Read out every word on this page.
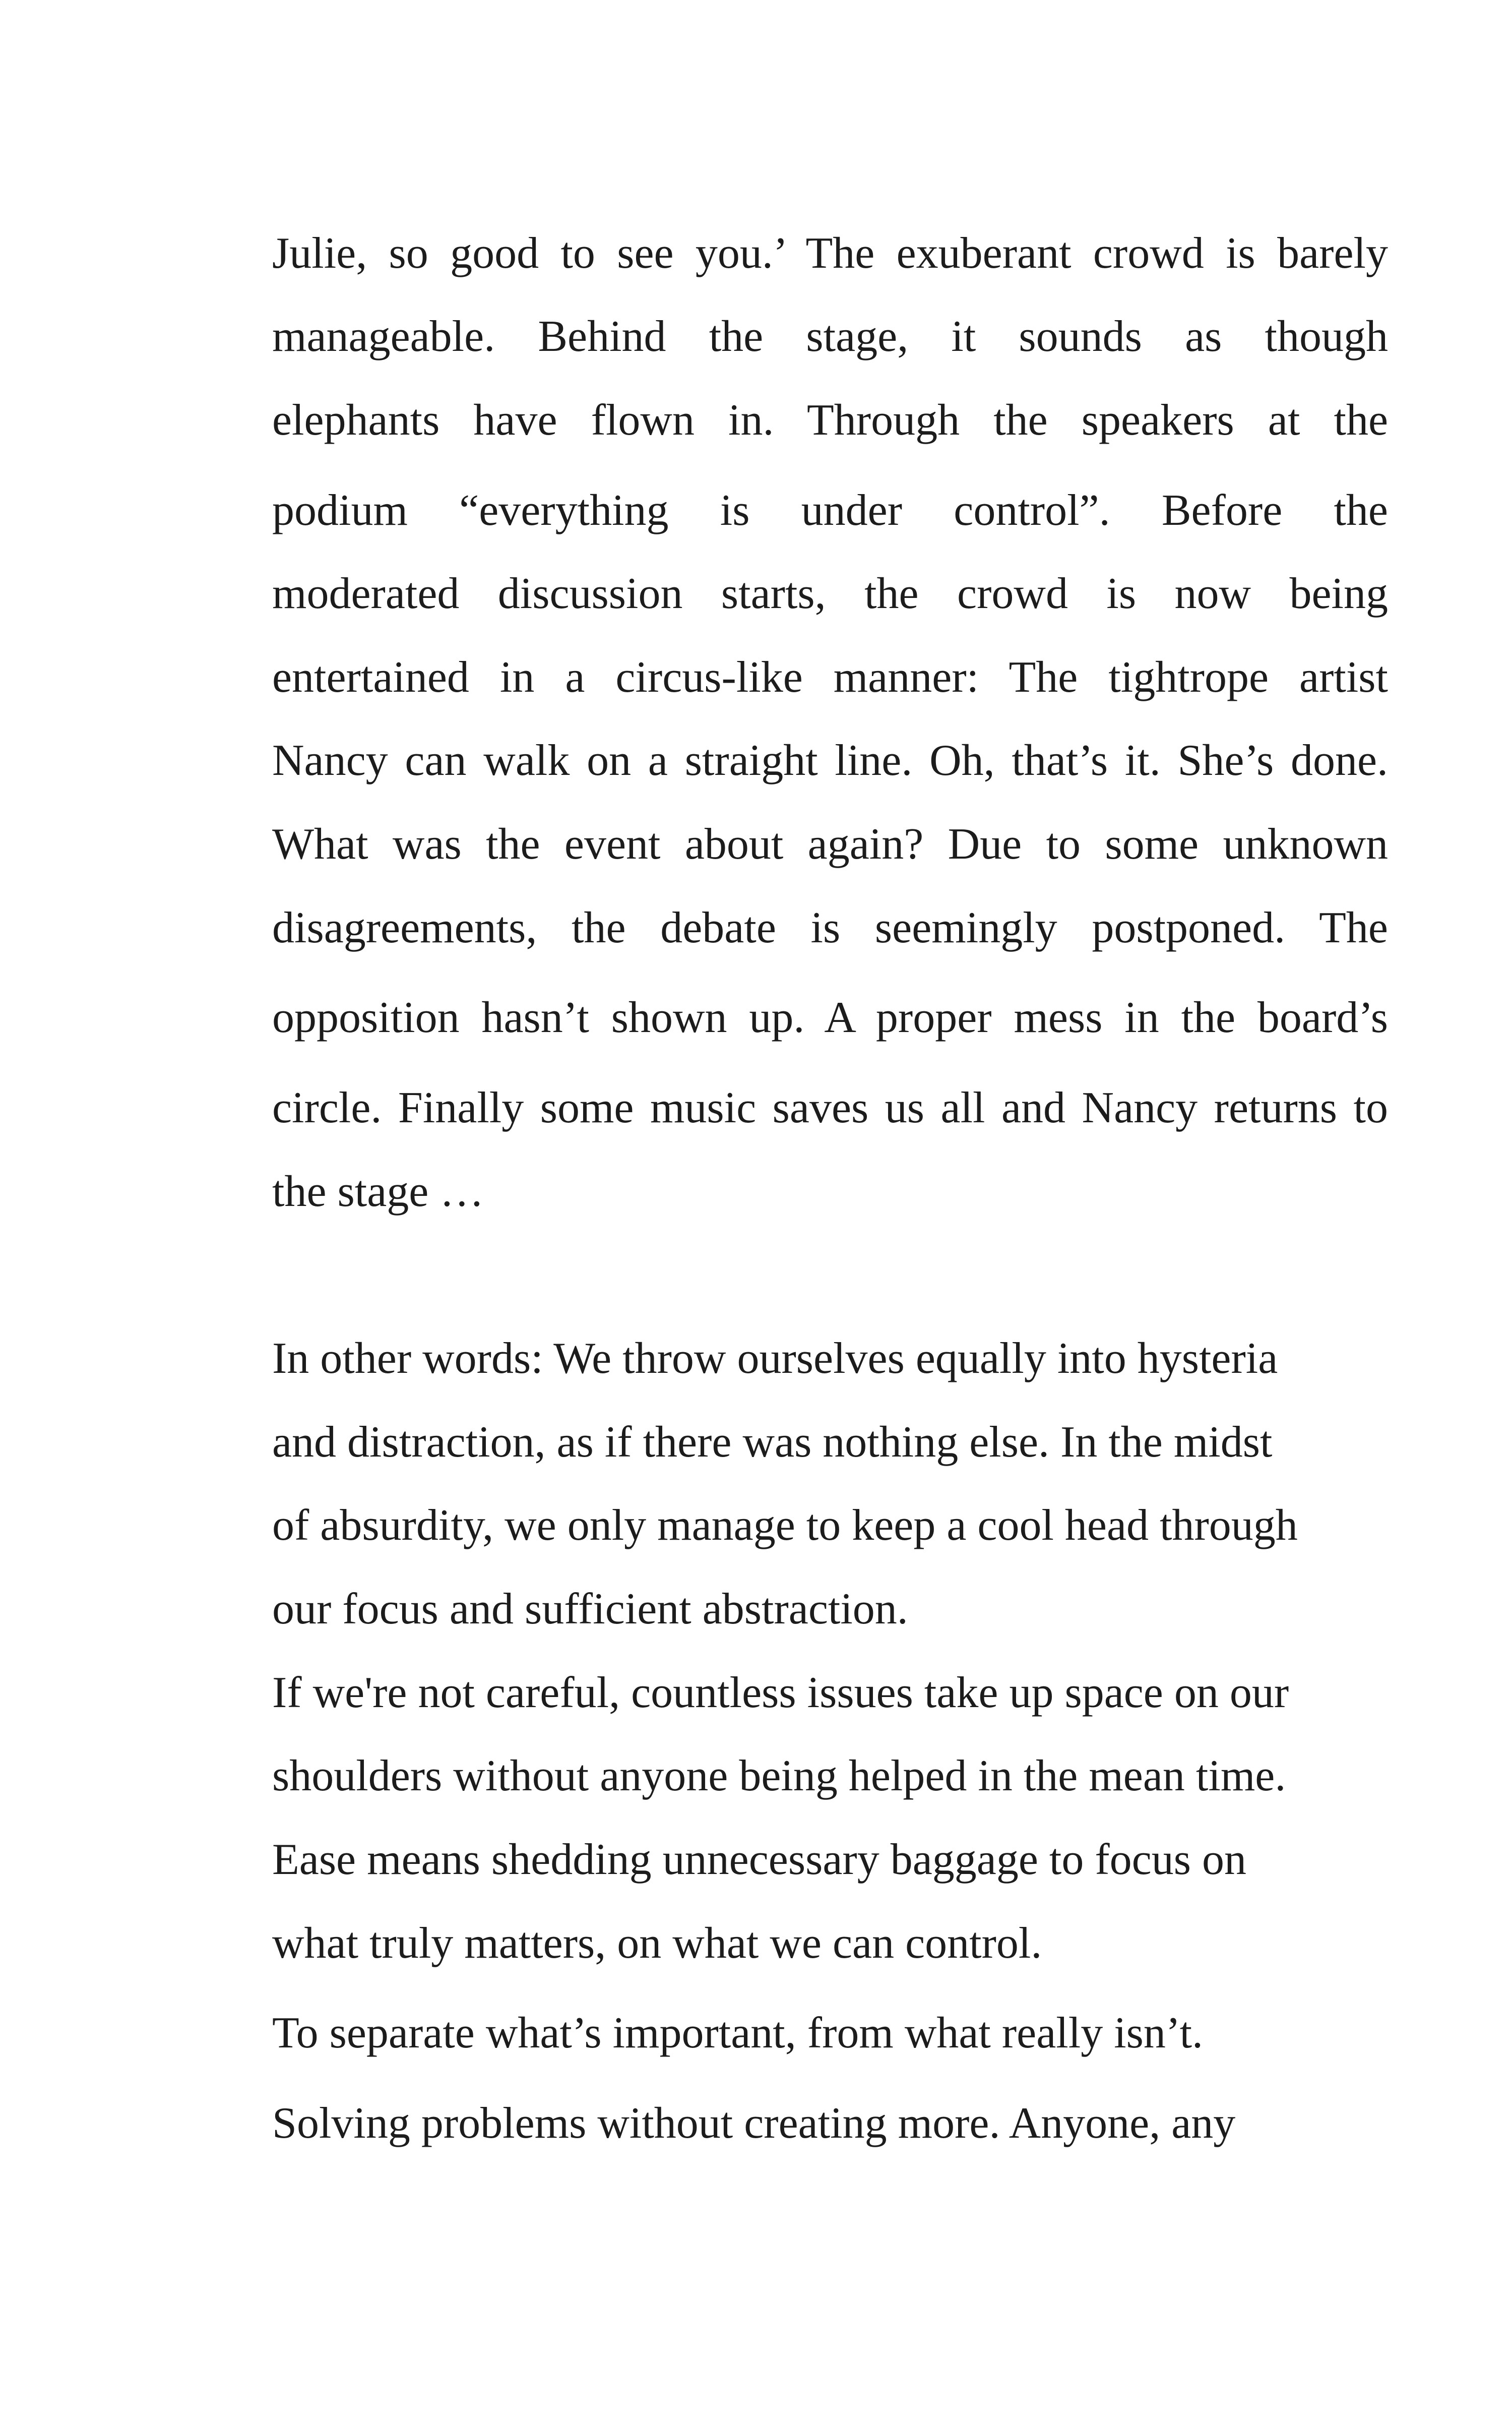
Julie, so good to see you.’ The exuberant crowd is barely
manageable. Behind the stage, it sounds as though
elephants have flown in. Through the speakers at the
podium “everything is under control”. Before the
moderated discussion starts, the crowd is now being
entertained in a circus-like manner: The tightrope artist
Nancy can walk on a straight line. Oh, that’s it. She’s done.
What was the event about again? Due to some unknown
disagreements, the debate is seemingly postponed. The
opposition hasn’t shown up. A proper mess in the board’s
circle. Finally some music saves us all and Nancy returns to
the stage …
In other words: We throw ourselves equally into hysteria
and distraction, as if there was nothing else. In the midst
of absurdity, we only manage to keep a cool head through
our focus and sufficient abstraction.
If we're not careful, countless issues take up space on our
shoulders without anyone being helped in the mean time.
Ease means shedding unnecessary baggage to focus on
what truly matters, on what we can control.
To separate what’s important, from what really isn’t.
Solving problems without creating more. Anyone, any
